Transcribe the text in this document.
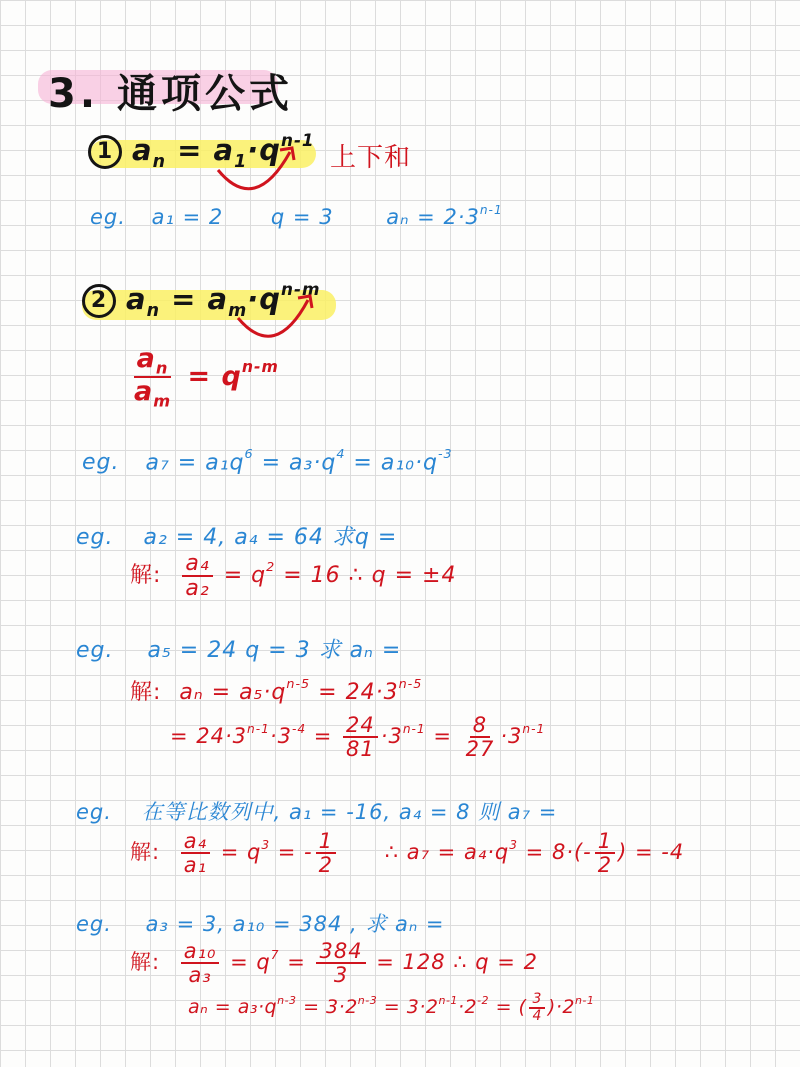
3. 通项公式
1 $a_n = a_1\cdot q^{n-1}$
上下和
eg. a₁ = 2 q = 3	$a_n = 2\cdot 3^{n-1}$
2 $a_n = a_m\cdot q^{n-m}$
$\frac{a_n}{a_m} = q^{n-m}$
eg. $a_7 = a_1q^6 = a_3\cdot q^4 = a_{10}\cdot q^{-3}$
eg. a₂ = 4, a₄ = 64 求q =
解: $\frac{\text{a₄}}{\text{a₂}} = q^2 = 16$ ∴ q = ±4
eg. a₅ = 24 q = 3 求 aₙ =
解: $a_n = a_5\cdot q^{n-5} = 24\cdot 3^{n-5}$
= $24\cdot 3^{n-1}\cdot 3^{-4} = \frac{24}{81} \cdot 3^{n-1} = \frac{8}{27} \cdot 3^{n-1}$
eg. 在等比数列中, a₁ = -16, a₄ = 8 则 a₇ =
解: $\frac{\text{a₄}}{\text{a₁}} = q^3$ = - $\frac{1}{2}$ ∴ $a_7 = a_4\cdot q^3 = 8\cdot(- \frac{1}{2}$ ) = -4
eg. a₃ = 3, a₁₀ = 384 , 求 aₙ =
解: $\frac{\text{a₁₀}}{\text{a₃}} = q^7 = \frac{384}{3} = 128$ ∴ q = 2
$a_n = a_3\cdot q^{n-3} = 3\cdot 2^{n-3} = 3\cdot 2^{n-1}\cdot 2^{-2}$ = ( $\frac{3}{4} )\cdot 2^{n-1}$
